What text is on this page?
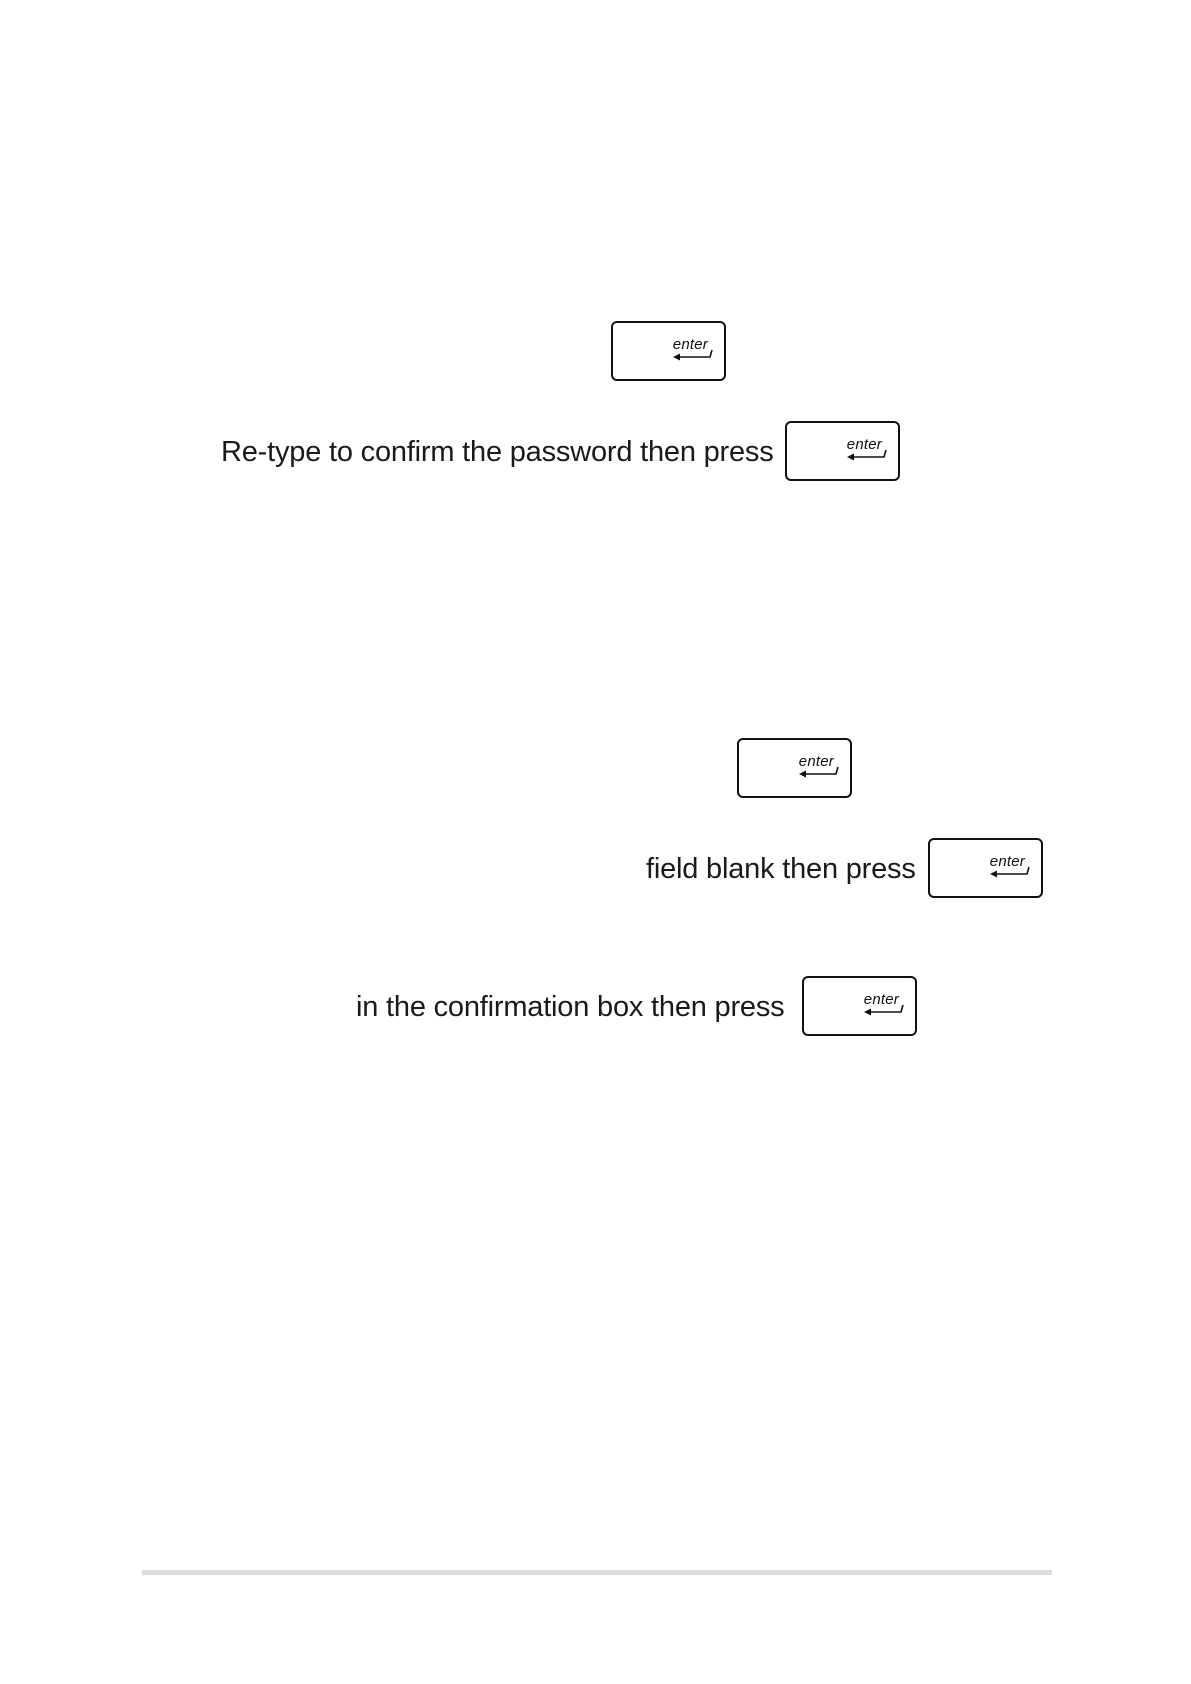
enter
Re-type to confirm the password then press	enter
enter
field blank then press	enter
in the confirmation box then press	enter
